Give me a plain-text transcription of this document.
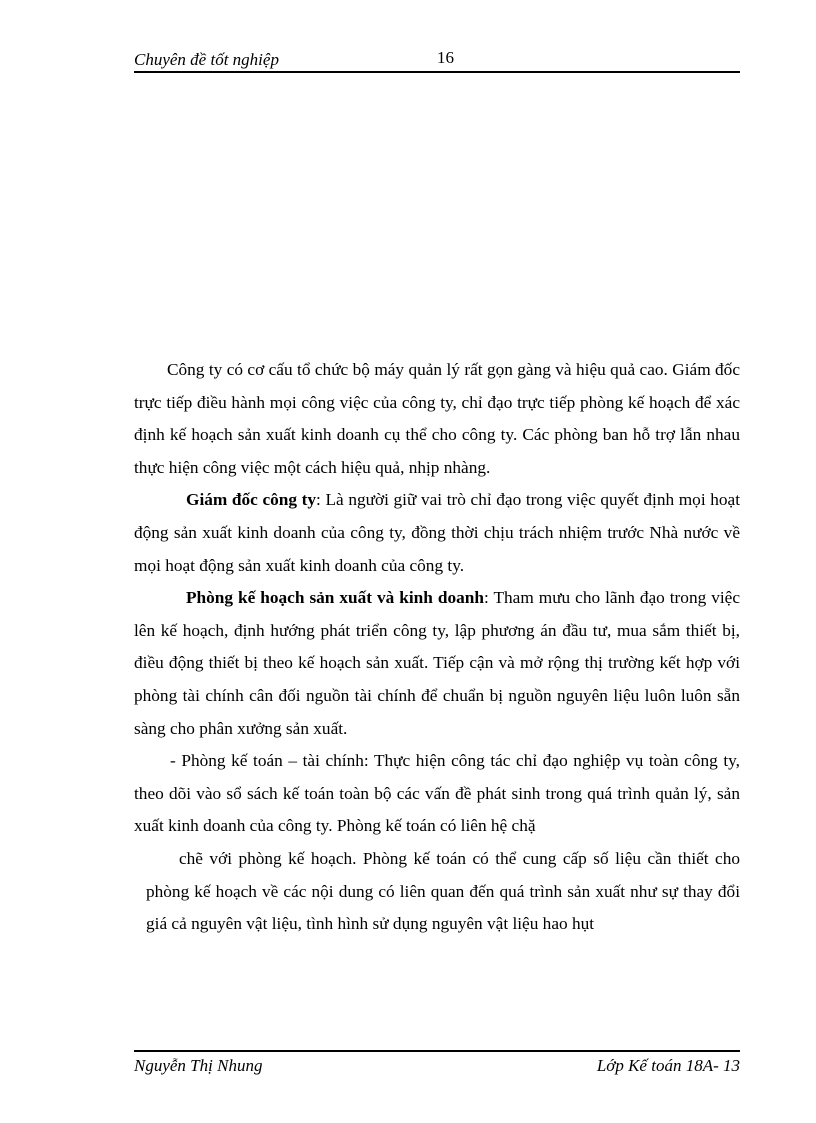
Chuyên đề tốt nghiệp	16

Công ty có cơ cấu tổ chức bộ máy quản lý rất gọn gàng và hiệu quả cao. Giám đốc trực tiếp điều hành mọi công việc của công ty, chỉ đạo trực tiếp phòng kế hoạch để xác định kế hoạch sản xuất kinh doanh cụ thể cho công ty. Các phòng ban hỗ trợ lẫn nhau thực hiện công việc một cách hiệu quả, nhịp nhàng.

Giám đốc công ty: Là người giữ vai trò chỉ đạo trong việc quyết định mọi hoạt động sản xuất kinh doanh của công ty, đồng thời chịu trách nhiệm trước Nhà nước về mọi hoạt động sản xuất kinh doanh của công ty.

Phòng kế hoạch sản xuất và kinh doanh: Tham mưu cho lãnh đạo trong việc lên kế hoạch, định hướng phát triển công ty, lập phương án đầu tư, mua sắm thiết bị, điều động thiết bị theo kế hoạch sản xuất. Tiếp cận và mở rộng thị trường kết hợp với phòng tài chính cân đối nguồn tài chính để chuẩn bị nguồn nguyên liệu luôn luôn sẵn sàng cho phân xưởng sản xuất.

- Phòng kế toán – tài chính: Thực hiện công tác chỉ đạo nghiệp vụ toàn công ty, theo dõi vào sổ sách kế toán toàn bộ các vấn đề phát sinh trong quá trình quản lý, sản xuất kinh doanh của công ty. Phòng kế toán có liên hệ chặ

chẽ với phòng kế hoạch. Phòng kế toán có thể cung cấp số liệu cần thiết cho phòng kế hoạch về các nội dung có liên quan đến quá trình sản xuất như sự thay đổi giá cả nguyên vật liệu, tình hình sử dụng nguyên vật liệu hao hụt

Nguyễn Thị Nhung	Lớp Kế toán 18A- 13
